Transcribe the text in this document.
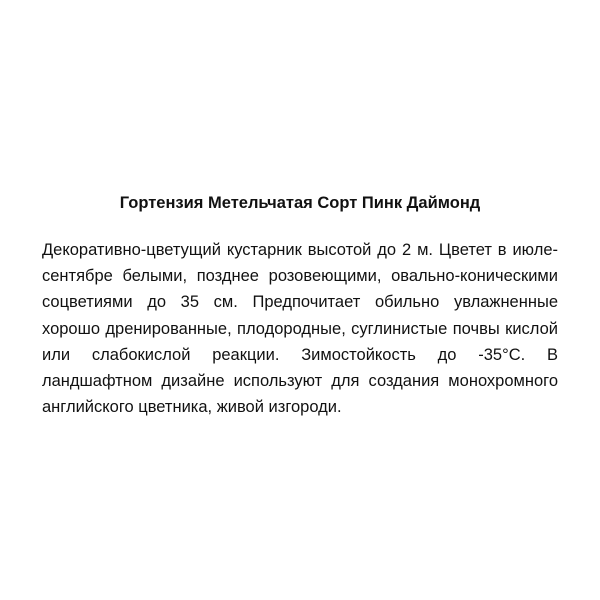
Гортензия Метельчатая Сорт Пинк Даймонд

Декоративно-цветущий кустарник высотой до 2 м. Цветет в июле-сентябре белыми, позднее розовеющими, овально-коническими соцветиями до 35 см. Предпочитает обильно увлажненные хорошо дренированные, плодородные, суглинистые почвы кислой или слабокислой реакции. Зимостойкость до -35°С. В ландшафтном дизайне используют для создания монохромного английского цветника, живой изгороди.
